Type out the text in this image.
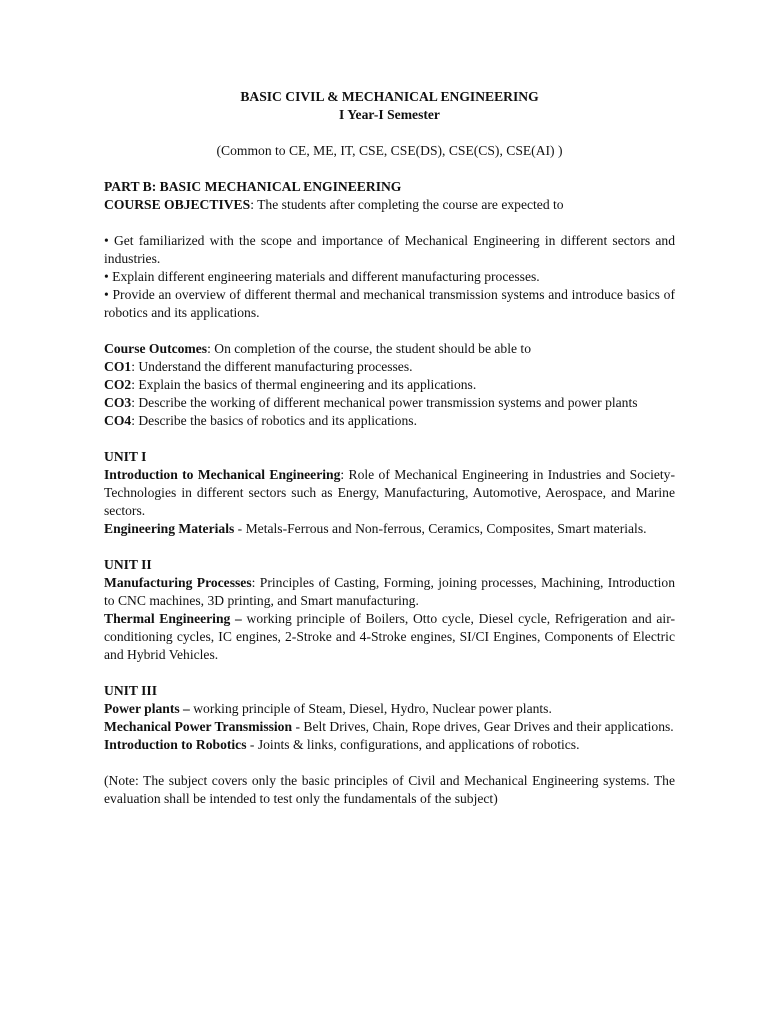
BASIC CIVIL & MECHANICAL ENGINEERING

I Year-I Semester

(Common to CE, ME, IT, CSE, CSE(DS), CSE(CS), CSE(AI) )

PART B: BASIC MECHANICAL ENGINEERING

COURSE OBJECTIVES: The students after completing the course are expected to

• Get familiarized with the scope and importance of Mechanical Engineering in different sectors and industries.

• Explain different engineering materials and different manufacturing processes.

• Provide an overview of different thermal and mechanical transmission systems and introduce basics of robotics and its applications.

Course Outcomes: On completion of the course, the student should be able to

CO1: Understand the different manufacturing processes.

CO2: Explain the basics of thermal engineering and its applications.

CO3: Describe the working of different mechanical power transmission systems and power plants

CO4: Describe the basics of robotics and its applications.

UNIT I

Introduction to Mechanical Engineering: Role of Mechanical Engineering in Industries and Society- Technologies in different sectors such as Energy, Manufacturing, Automotive, Aerospace, and Marine sectors.

Engineering Materials - Metals-Ferrous and Non-ferrous, Ceramics, Composites, Smart materials.

UNIT II

Manufacturing Processes: Principles of Casting, Forming, joining processes, Machining, Introduction to CNC machines, 3D printing, and Smart manufacturing.

Thermal Engineering – working principle of Boilers, Otto cycle, Diesel cycle, Refrigeration and air-conditioning cycles, IC engines, 2-Stroke and 4-Stroke engines, SI/CI Engines, Components of Electric and Hybrid Vehicles.

UNIT III

Power plants – working principle of Steam, Diesel, Hydro, Nuclear power plants.

Mechanical Power Transmission - Belt Drives, Chain, Rope drives, Gear Drives and their applications.

Introduction to Robotics - Joints & links, configurations, and applications of robotics.

(Note: The subject covers only the basic principles of Civil and Mechanical Engineering systems. The evaluation shall be intended to test only the fundamentals of the subject)
